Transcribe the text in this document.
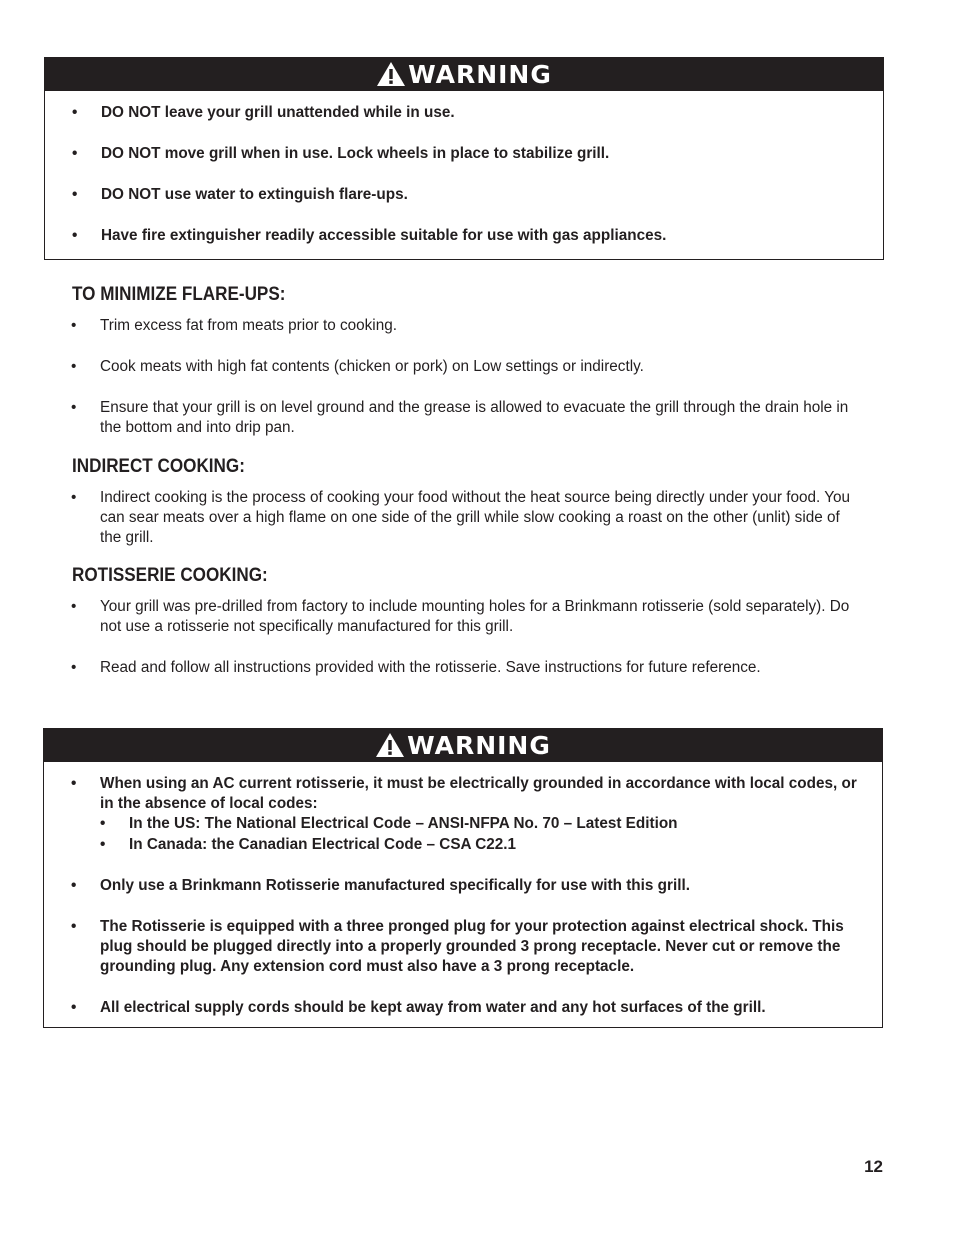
WARNING
• DO NOT leave your grill unattended while in use.
• DO NOT move grill when in use. Lock wheels in place to stabilize grill.
• DO NOT use water to extinguish flare-ups.
• Have fire extinguisher readily accessible suitable for use with gas appliances.
TO MINIMIZE FLARE-UPS:
• Trim excess fat from meats prior to cooking.
• Cook meats with high fat contents (chicken or pork) on Low settings or indirectly.
• Ensure that your grill is on level ground and the grease is allowed to evacuate the grill through the drain hole in the bottom and into drip pan.
INDIRECT COOKING:
• Indirect cooking is the process of cooking your food without the heat source being directly under your food. You can sear meats over a high flame on one side of the grill while slow cooking a roast on the other (unlit) side of the grill.
ROTISSERIE COOKING:
• Your grill was pre-drilled from factory to include mounting holes for a Brinkmann rotisserie (sold separately). Do not use a rotisserie not specifically manufactured for this grill.
• Read and follow all instructions provided with the rotisserie. Save instructions for future reference.
WARNING
• When using an AC current rotisserie, it must be electrically grounded in accordance with local codes, or in the absence of local codes:
• In the US: The National Electrical Code – ANSI-NFPA No. 70 – Latest Edition
• In Canada: the Canadian Electrical Code – CSA C22.1
• Only use a Brinkmann Rotisserie manufactured specifically for use with this grill.
• The Rotisserie is equipped with a three pronged plug for your protection against electrical shock. This plug should be plugged directly into a properly grounded 3 prong receptacle. Never cut or remove the grounding plug. Any extension cord must also have a 3 prong receptacle.
• All electrical supply cords should be kept away from water and any hot surfaces of the grill.
12
